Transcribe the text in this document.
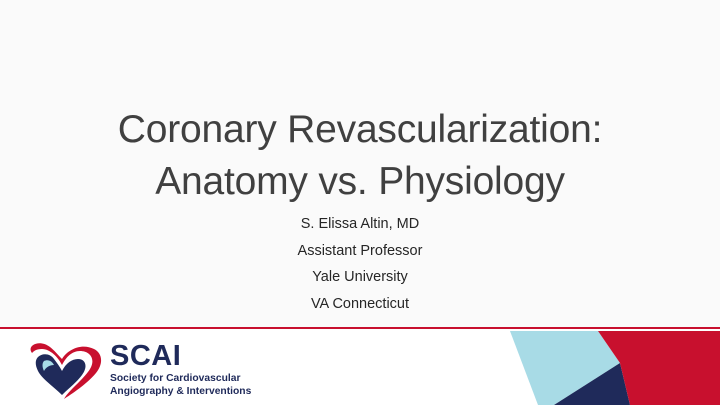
Coronary Revascularization:
Anatomy vs. Physiology
S. Elissa Altin, MD
Assistant Professor
Yale University
VA Connecticut
SCAI
Society for Cardiovascular
Angiography & Interventions
